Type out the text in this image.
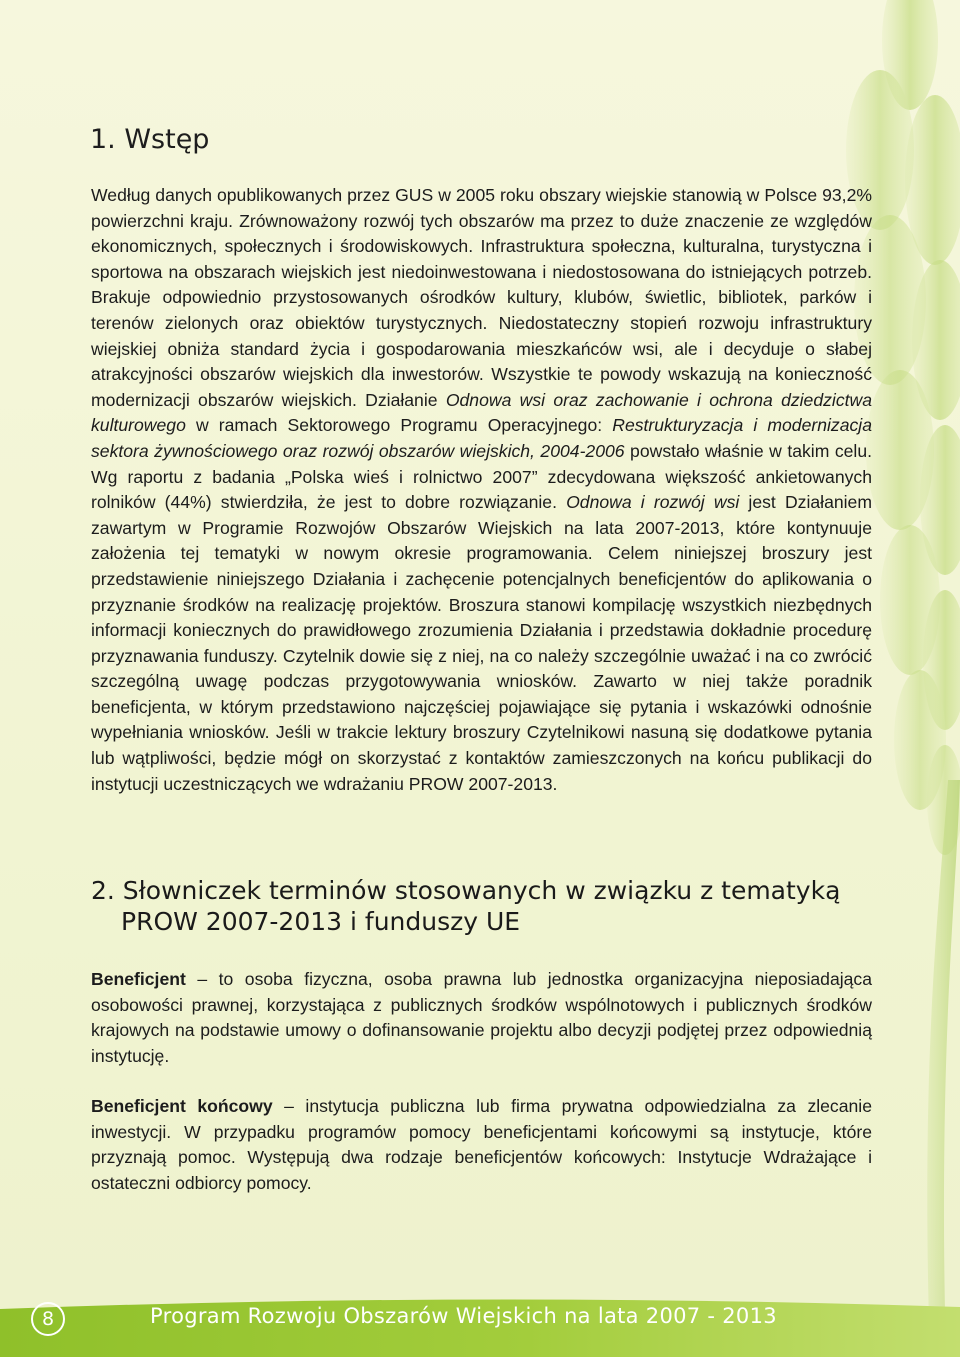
1. Wstęp

Według danych opublikowanych przez GUS w 2005 roku obszary wiejskie stanowią w Polsce 93,2% powierzchni kraju. Zrównoważony rozwój tych obszarów ma przez to duże znaczenie ze względów ekonomicznych, społecznych i środowiskowych. Infrastruktura społeczna, kulturalna, turystyczna i sportowa na obszarach wiejskich jest niedoinwestowana i niedostosowana do istniejących potrzeb. Brakuje odpowiednio przystosowanych ośrodków kultury, klubów, świetlic, bibliotek, parków i terenów zielonych oraz obiektów turystycznych. Niedostateczny stopień rozwoju infrastruktury wiejskiej obniża standard życia i gospodarowania mieszkańców wsi, ale i decyduje o słabej atrakcyjności obszarów wiejskich dla inwestorów. Wszystkie te powody wskazują na konieczność modernizacji obszarów wiejskich. Działanie Odnowa wsi oraz zachowanie i ochrona dziedzictwa kulturowego w ramach Sektorowego Programu Operacyjnego: Restrukturyzacja i modernizacja sektora żywnościowego oraz rozwój obszarów wiejskich, 2004-2006 powstało właśnie w takim celu. Wg raportu z badania „Polska wieś i rolnictwo 2007” zdecydowana większość ankietowanych rolników (44%) stwierdziła, że jest to dobre rozwiązanie. Odnowa i rozwój wsi jest Działaniem zawartym w Programie Rozwojów Obszarów Wiejskich na lata 2007-2013, które kontynuuje założenia tej tematyki w nowym okresie programowania. Celem niniejszej broszury jest przedstawienie niniejszego Działania i zachęcenie potencjalnych beneficjentów do aplikowania o przyznanie środków na realizację projektów. Broszura stanowi kompilację wszystkich niezbędnych informacji koniecznych do prawidłowego zrozumienia Działania i przedstawia dokładnie procedurę przyznawania funduszy. Czytelnik dowie się z niej, na co należy szczególnie uważać i na co zwrócić szczególną uwagę podczas przygotowywania wniosków. Zawarto w niej także poradnik beneficjenta, w którym przedstawiono najczęściej pojawiające się pytania i wskazówki odnośnie wypełniania wniosków. Jeśli w trakcie lektury broszury Czytelnikowi nasuną się dodatkowe pytania lub wątpliwości, będzie mógł on skorzystać z kontaktów zamieszczonych na końcu publikacji do instytucji uczestniczących we wdrażaniu PROW 2007-2013.

2. Słowniczek terminów stosowanych w związku z tematyką
PROW 2007-2013 i funduszy UE

Beneficjent – to osoba fizyczna, osoba prawna lub jednostka organizacyjna nieposiadająca osobowości prawnej, korzystająca z publicznych środków wspólnotowych i publicznych środków krajowych na podstawie umowy o dofinansowanie projektu albo decyzji podjętej przez odpowiednią instytucję.

Beneficjent końcowy – instytucja publiczna lub firma prywatna odpowiedzialna za zlecanie inwestycji. W przypadku programów pomocy beneficjentami końcowymi są instytucje, które przyznają pomoc. Występują dwa rodzaje beneficjentów końcowych: Instytucje Wdrażające i ostateczni odbiorcy pomocy.

8	Program Rozwoju Obszarów Wiejskich na lata 2007 - 2013
